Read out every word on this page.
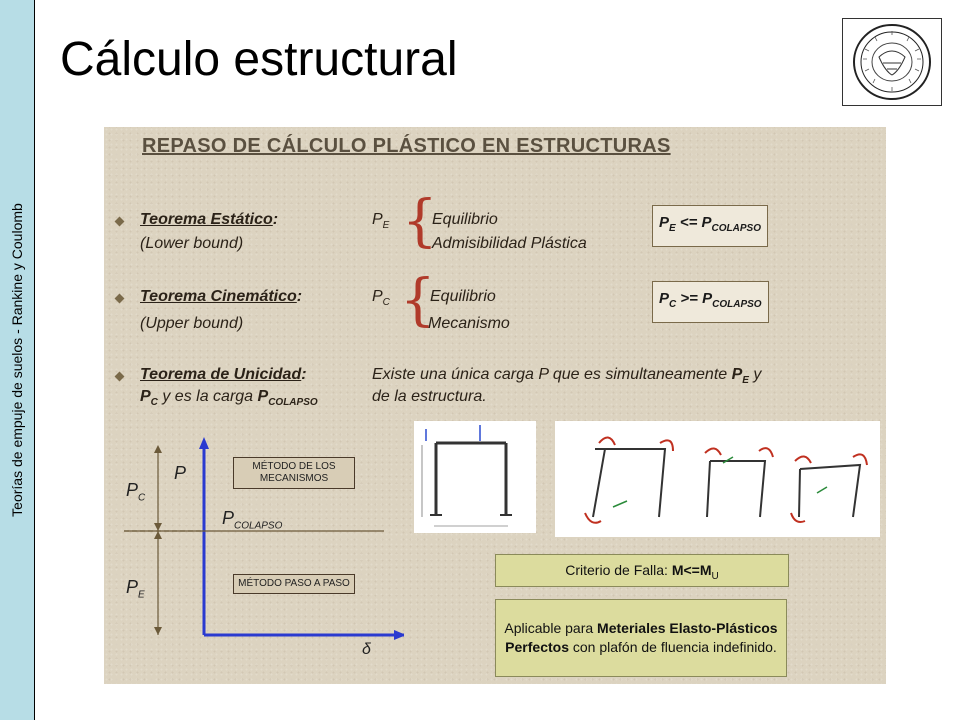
Teorías de empuje de suelos - Rankine y Coulomb
Cálculo estructural
REPASO DE CÁLCULO PLÁSTICO EN ESTRUCTURAS
Teorema Estático:
(Lower bound)
$P_E$ {
Equilibrio
Admisibilidad Plástica
$P_E <= P_{COLAPSO}$
Teorema Cinemático:
(Upper bound)
$P_C$ {
Equilibrio
Mecanismo
$P_C >= P_{COLAPSO}$
Teorema de Unicidad:	Existe una única carga P que es simultaneamente $P_E$ y
$P_C$ y es la carga $P_{COLAPSO}$	de la estructura.
$P_C$
$P_E$
P
$P_{COLAPSO}$
δ
MÉTODO DE LOS MECANISMOS
MÉTODO PASO A PASO
Criterio de Falla: $M<=M_U$
Aplicable para Meteriales Elasto-Plásticos Perfectos con plafón de fluencia indefinido.
